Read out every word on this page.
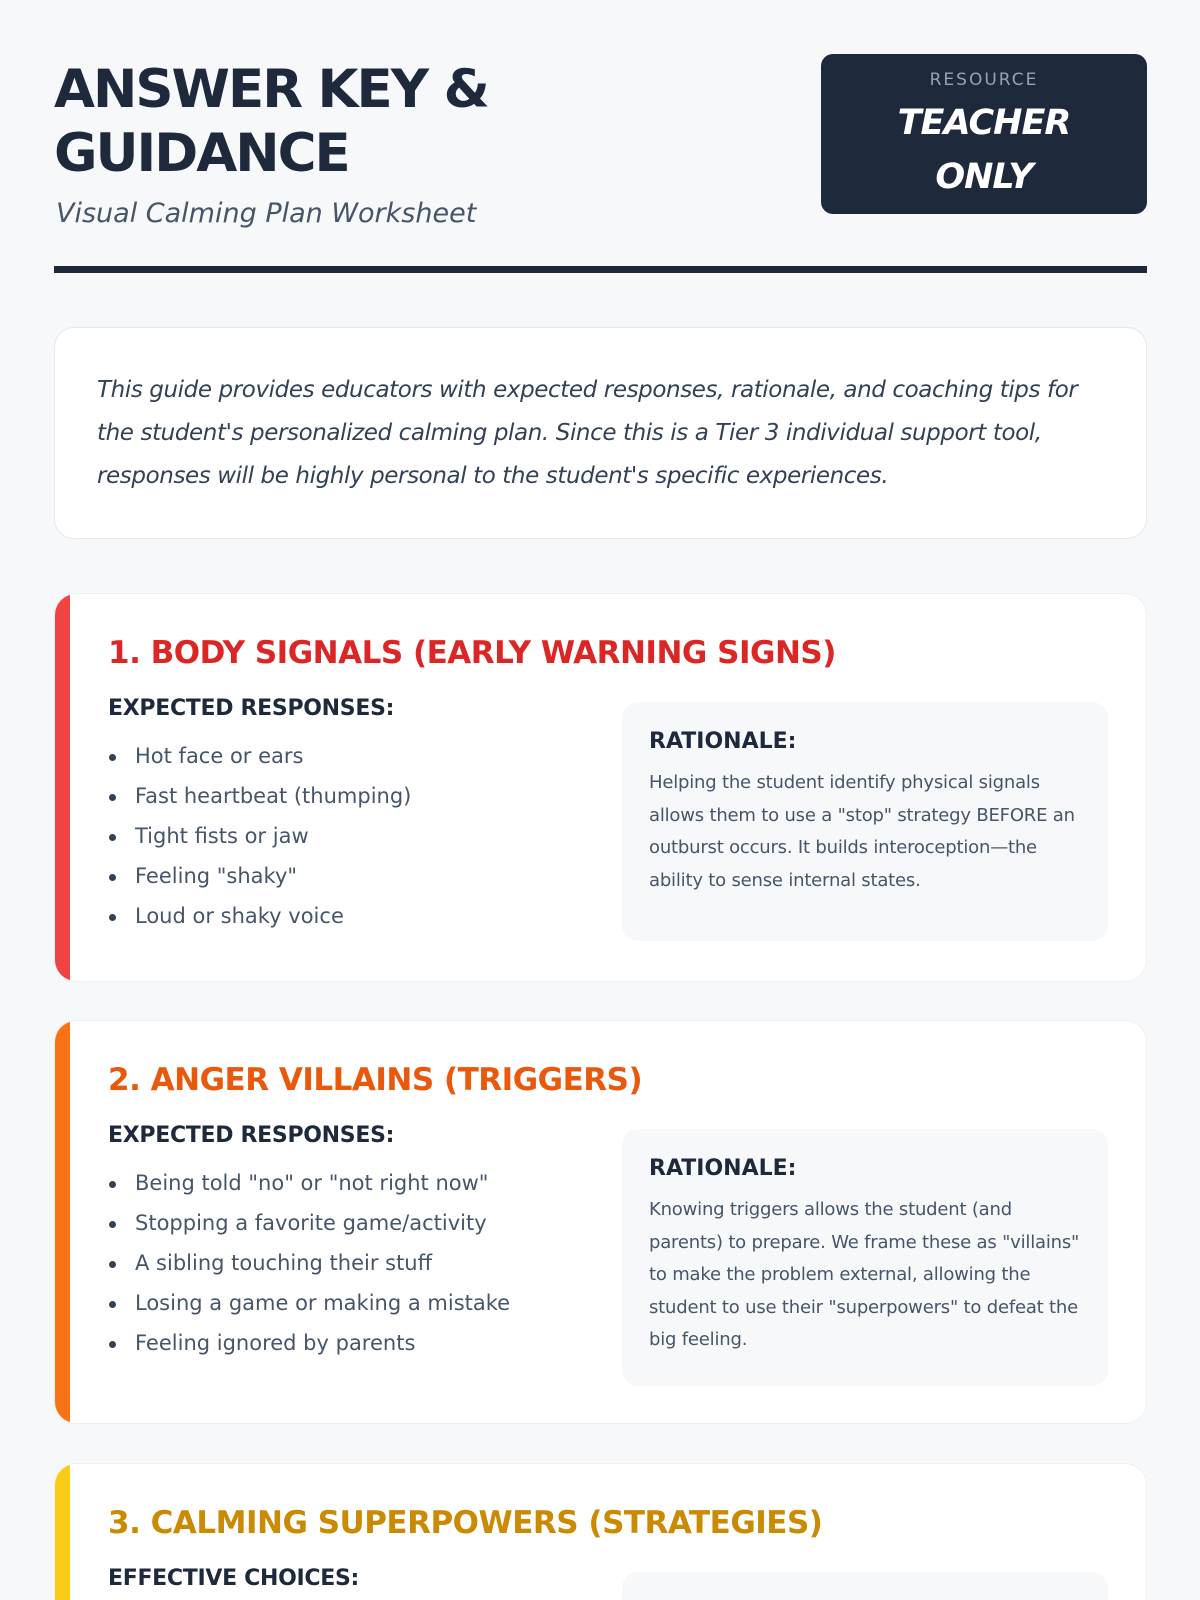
ANSWER KEY & GUIDANCE
Visual Calming Plan Worksheet
RESOURCE
TEACHER ONLY

This guide provides educators with expected responses, rationale, and coaching tips for the student's personalized calming plan. Since this is a Tier 3 individual support tool, responses will be highly personal to the student's specific experiences.

1. BODY SIGNALS (EARLY WARNING SIGNS)
EXPECTED RESPONSES:
Hot face or ears
Fast heartbeat (thumping)
Tight fists or jaw
Feeling "shaky"
Loud or shaky voice
RATIONALE:

Helping the student identify physical signals allows them to use a "stop" strategy BEFORE an outburst occurs. It builds interoception—the ability to sense internal states.

2. ANGER VILLAINS (TRIGGERS)
EXPECTED RESPONSES:
Being told "no" or "not right now"
Stopping a favorite game/activity
A sibling touching their stuff
Losing a game or making a mistake
Feeling ignored by parents
RATIONALE:

Knowing triggers allows the student (and parents) to prepare. We frame these as "villains" to make the problem external, allowing the student to use their "superpowers" to defeat the big feeling.

3. CALMING SUPERPOWERS (STRATEGIES)
EFFECTIVE CHOICES:
